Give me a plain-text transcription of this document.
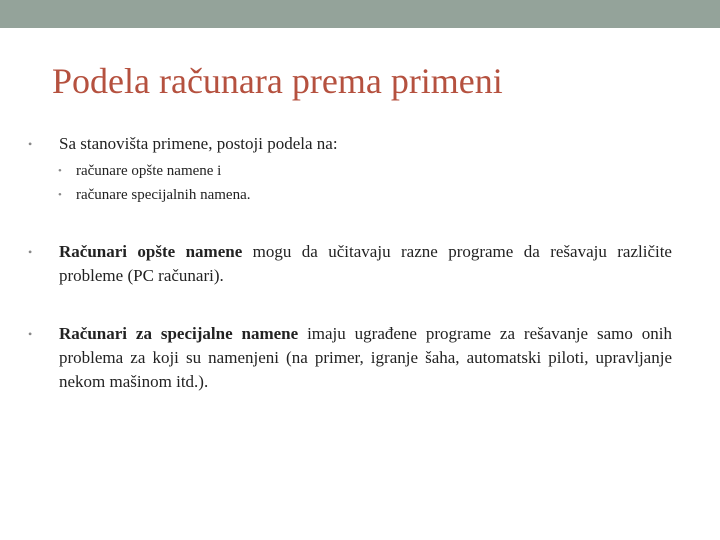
Podela računara prema primeni
• Sa stanovišta primene, postoji podela na:
• računare opšte namene i
• računare specijalnih namena.
• Računari opšte namene mogu da učitavaju razne programe da rešavaju različite probleme (PC računari).
• Računari za specijalne namene imaju ugrađene programe za rešavanje samo onih problema za koji su namenjeni (na primer, igranje šaha, automatski piloti, upravljanje nekom mašinom itd.).
